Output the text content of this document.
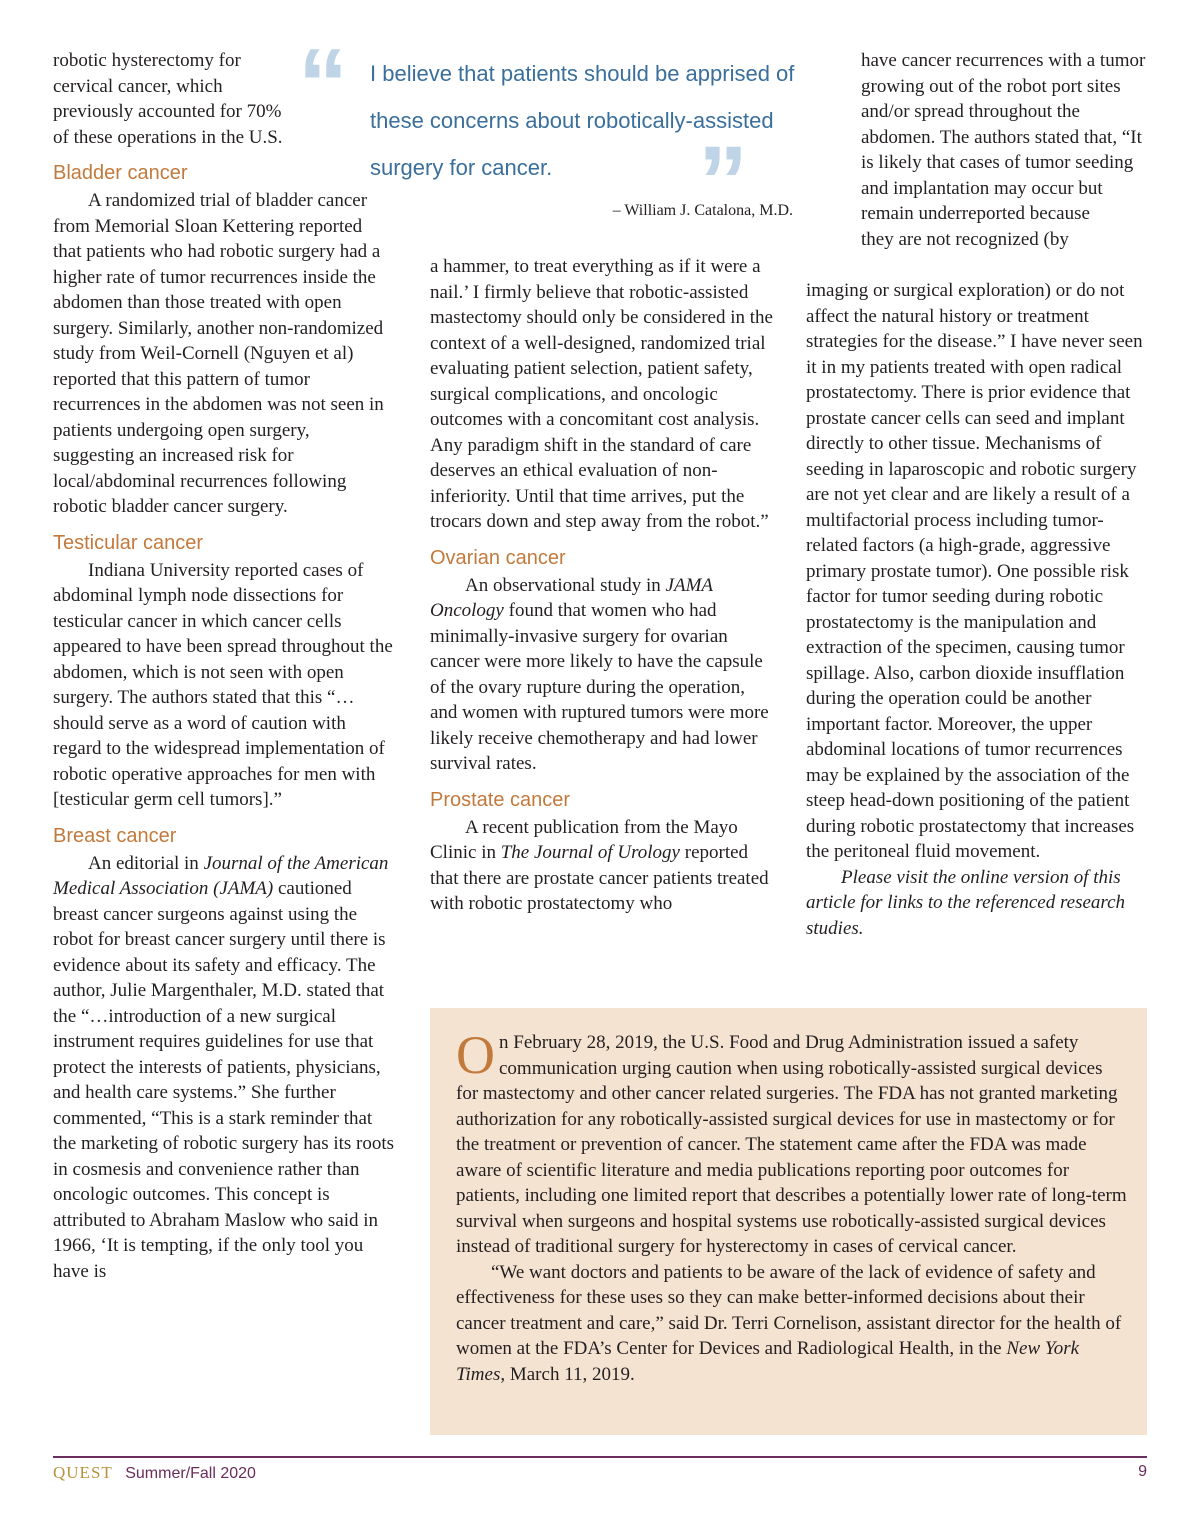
robotic hysterectomy for cervical cancer, which previously accounted for 70% of these operations in the U.S.

Bladder cancer

A randomized trial of bladder cancer from Memorial Sloan Kettering reported that patients who had robotic surgery had a higher rate of tumor recurrences inside the abdomen than those treated with open surgery. Similarly, another non-randomized study from Weil-Cornell (Nguyen et al) reported that this pattern of tumor recurrences in the abdomen was not seen in patients undergoing open surgery, suggesting an increased risk for local/abdominal recurrences following robotic bladder cancer surgery.

Testicular cancer

Indiana University reported cases of abdominal lymph node dissections for testicular cancer in which cancer cells appeared to have been spread throughout the abdomen, which is not seen with open surgery. The authors stated that this “… should serve as a word of caution with regard to the widespread implementation of robotic operative approaches for men with [testicular germ cell tumors].”

Breast cancer

An editorial in Journal of the American Medical Association (JAMA) cautioned breast cancer surgeons against using the robot for breast cancer surgery until there is evidence about its safety and efficacy. The author, Julie Margenthaler, M.D. stated that the “…introduction of a new surgical instrument requires guidelines for use that protect the interests of patients, physicians, and health care systems.” She further commented, “This is a stark reminder that the marketing of robotic surgery has its roots in cosmesis and convenience rather than oncologic outcomes. This concept is attributed to Abraham Maslow who said in 1966, ‘It is tempting, if the only tool you have is

“ I believe that patients should be apprised of these concerns about robotically-assisted surgery for cancer.	”
– William J. Catalona, M.D.

a hammer, to treat everything as if it were a nail.’ I firmly believe that robotic-assisted mastectomy should only be considered in the context of a well-designed, randomized trial evaluating patient selection, patient safety, surgical complications, and oncologic outcomes with a concomitant cost analysis. Any paradigm shift in the standard of care deserves an ethical evaluation of non-inferiority. Until that time arrives, put the trocars down and step away from the robot.”

Ovarian cancer

An observational study in JAMA Oncology found that women who had minimally-invasive surgery for ovarian cancer were more likely to have the capsule of the ovary rupture during the operation, and women with ruptured tumors were more likely receive chemotherapy and had lower survival rates.

Prostate cancer

A recent publication from the Mayo Clinic in The Journal of Urology reported that there are prostate cancer patients treated with robotic prostatectomy who

have cancer recurrences with a tumor growing out of the robot port sites and/or spread throughout the abdomen. The authors stated that, “It is likely that cases of tumor seeding and implantation may occur but remain underreported because

they are not recognized (by

imaging or surgical exploration) or do not affect the natural history or treatment strategies for the disease.” I have never seen it in my patients treated with open radical prostatectomy. There is prior evidence that prostate cancer cells can seed and implant directly to other tissue. Mechanisms of seeding in laparoscopic and robotic surgery are not yet clear and are likely a result of a multifactorial process including tumor-related factors (a high-grade, aggressive primary prostate tumor). One possible risk factor for tumor seeding during robotic prostatectomy is the manipulation and extraction of the specimen, causing tumor spillage. Also, carbon dioxide insufflation during the operation could be another important factor. Moreover, the upper abdominal locations of tumor recurrences may be explained by the association of the steep head-down positioning of the patient during robotic prostatectomy that increases the peritoneal fluid movement.

Please visit the online version of this article for links to the referenced research studies.

On February 28, 2019, the U.S. Food and Drug Administration issued a safety communication urging caution when using robotically-assisted surgical devices for mastectomy and other cancer related surgeries. The FDA has not granted marketing authorization for any robotically-assisted surgical devices for use in mastectomy or for the treatment or prevention of cancer. The statement came after the FDA was made aware of scientific literature and media publications reporting poor outcomes for patients, including one limited report that describes a potentially lower rate of long-term survival when surgeons and hospital systems use robotically-assisted surgical devices instead of traditional surgery for hysterectomy in cases of cervical cancer.

“We want doctors and patients to be aware of the lack of evidence of safety and effectiveness for these uses so they can make better-informed decisions about their cancer treatment and care,” said Dr. Terri Cornelison, assistant director for the health of women at the FDA’s Center for Devices and Radiological Health, in the New York Times, March 11, 2019.

QUEST Summer/Fall 2020	9
